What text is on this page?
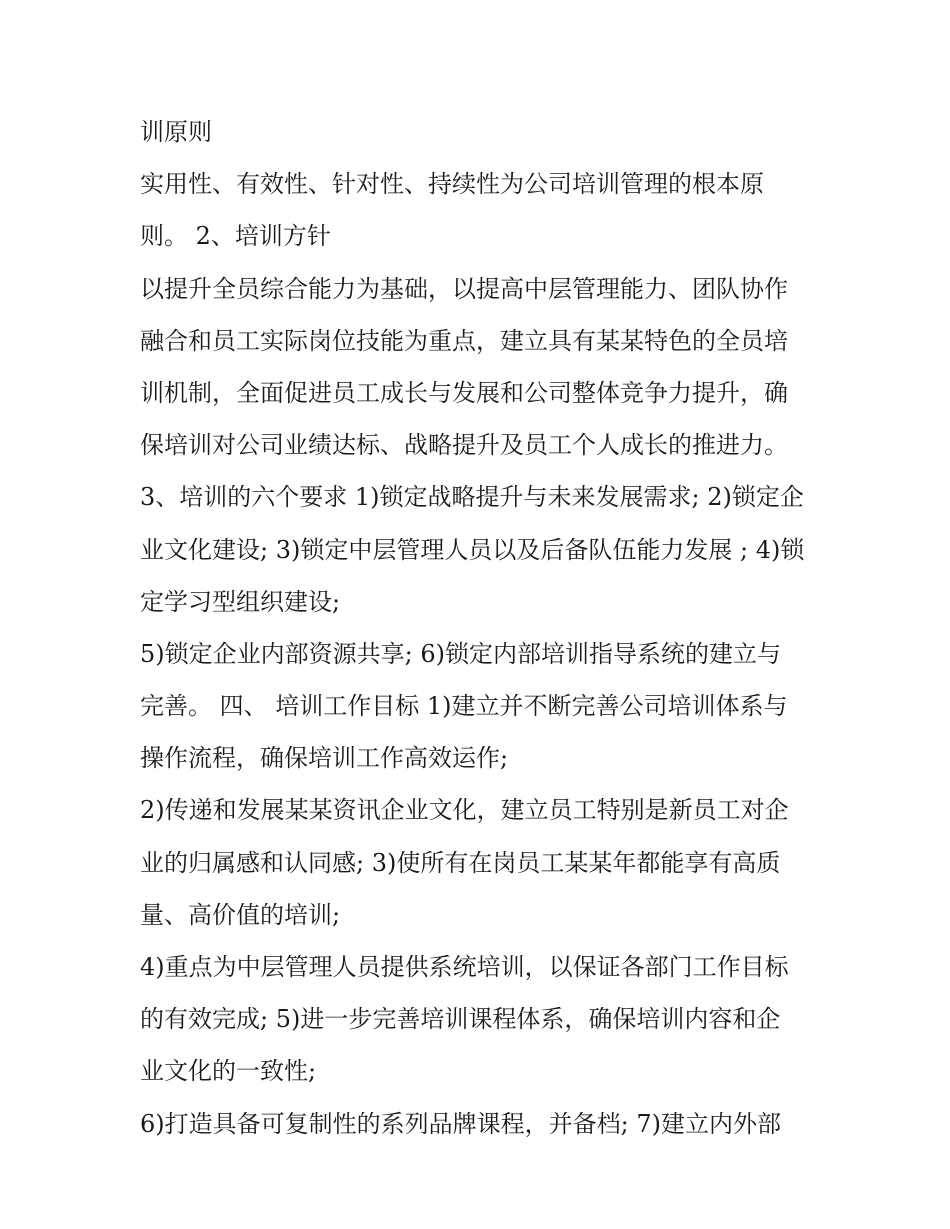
训原则
实用性、有效性、针对性、持续性为公司培训管理的根本原
则。 2、培训方针
以提升全员综合能力为基础，以提高中层管理能力、团队协作
融合和员工实际岗位技能为重点，建立具有某某特色的全员培
训机制，全面促进员工成长与发展和公司整体竞争力提升，确
保培训对公司业绩达标、战略提升及员工个人成长的推进力。
3、培训的六个要求 1)锁定战略提升与未来发展需求; 2)锁定企
业文化建设; 3)锁定中层管理人员以及后备队伍能力发展 ; 4)锁
定学习型组织建设;
5)锁定企业内部资源共享; 6)锁定内部培训指导系统的建立与
完善。 四、 培训工作目标 1)建立并不断完善公司培训体系与
操作流程，确保培训工作高效运作;
2)传递和发展某某资讯企业文化，建立员工特别是新员工对企
业的归属感和认同感; 3)使所有在岗员工某某年都能享有高质
量、高价值的培训;
4)重点为中层管理人员提供系统培训，以保证各部门工作目标
的有效完成; 5)进一步完善培训课程体系，确保培训内容和企
业文化的一致性;
6)打造具备可复制性的系列品牌课程，并备档; 7)建立内外部
